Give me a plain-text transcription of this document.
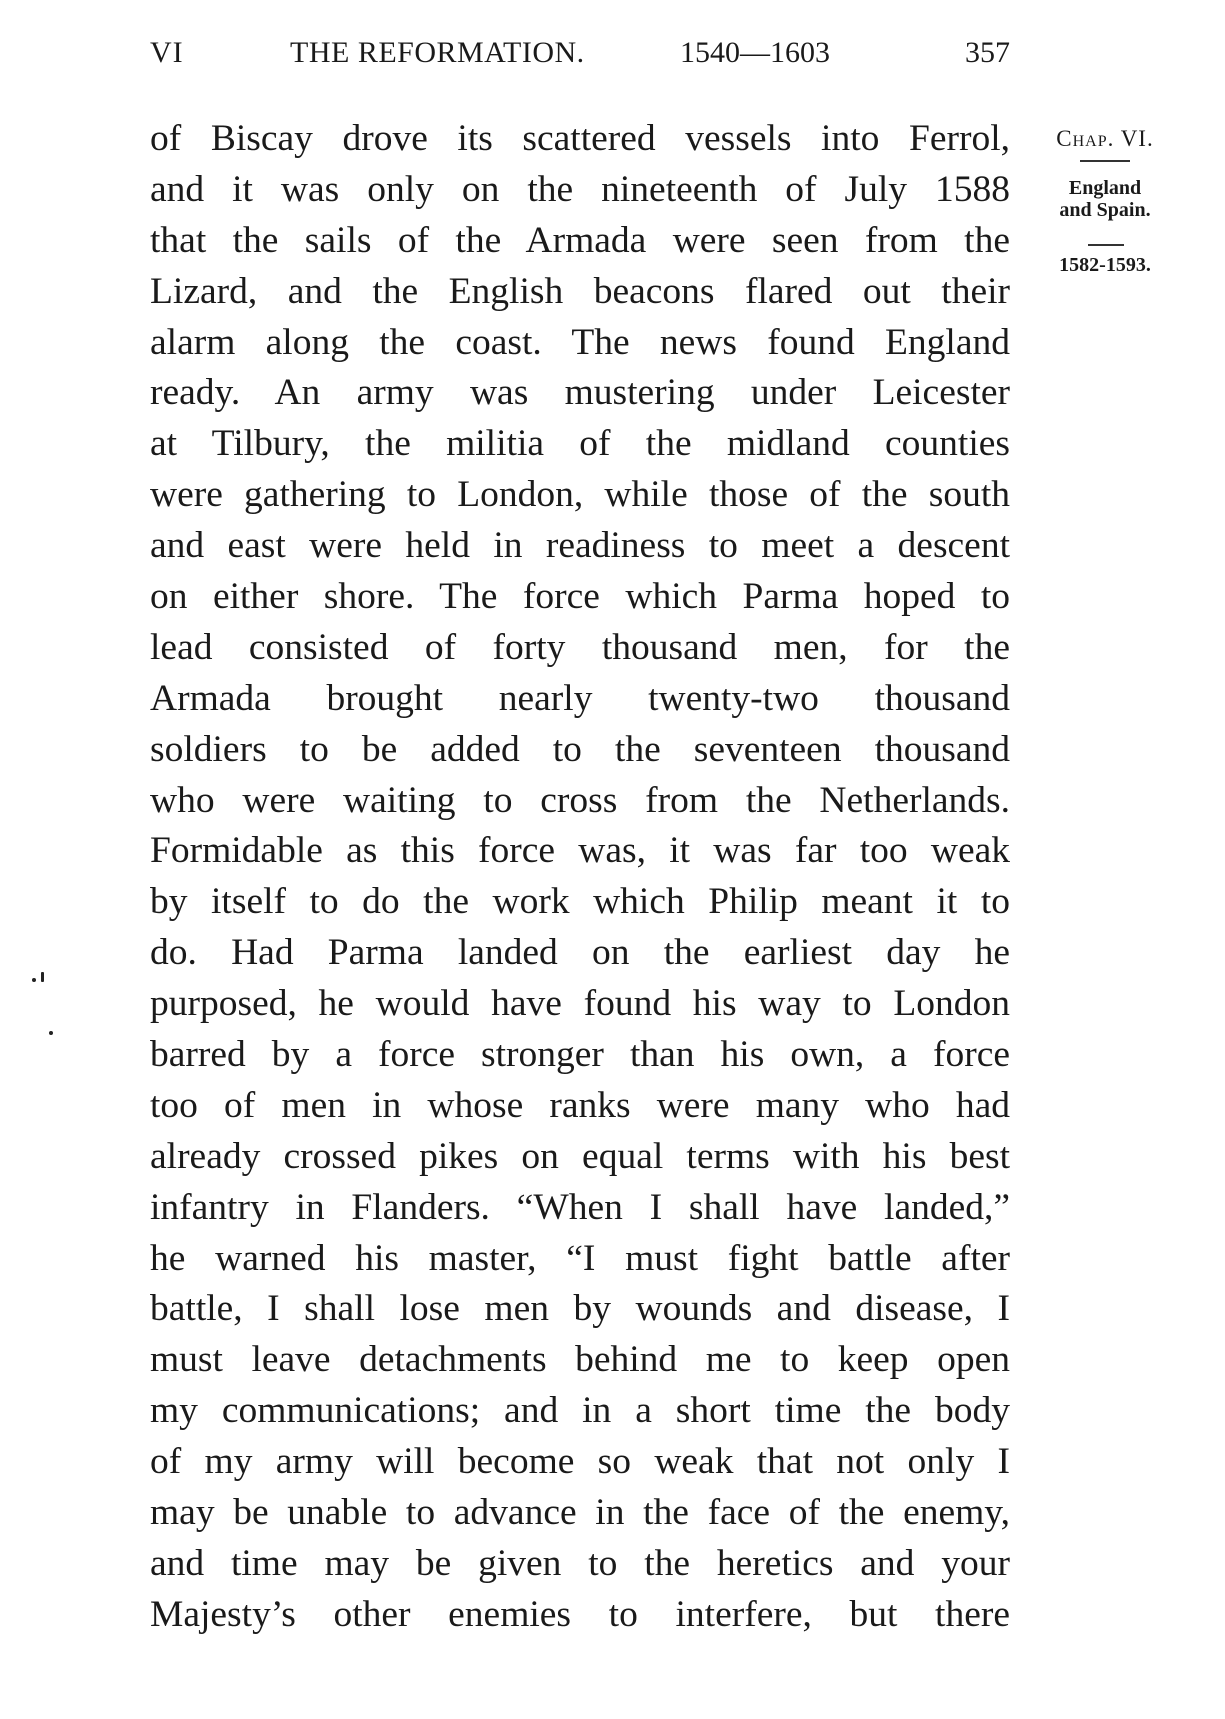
VI	THE REFORMATION.	1540—1603	357
of Biscay drove its scattered vessels into Ferrol,
and it was only on the nineteenth of July 1588
that the sails of the Armada were seen from the
Lizard, and the English beacons flared out their
alarm along the coast. The news found England
ready. An army was mustering under Leicester
at Tilbury, the militia of the midland counties
were gathering to London, while those of the south
and east were held in readiness to meet a descent
on either shore. The force which Parma hoped to
lead consisted of forty thousand men, for the
Armada brought nearly twenty-two thousand
soldiers to be added to the seventeen thousand
who were waiting to cross from the Netherlands.
Formidable as this force was, it was far too weak
by itself to do the work which Philip meant it to
do. Had Parma landed on the earliest day he
purposed, he would have found his way to London
barred by a force stronger than his own, a force
too of men in whose ranks were many who had
already crossed pikes on equal terms with his best
infantry in Flanders. “When I shall have landed,”
he warned his master, “I must fight battle after
battle, I shall lose men by wounds and disease, I
must leave detachments behind me to keep open
my communications; and in a short time the body
of my army will become so weak that not only I
may be unable to advance in the face of the enemy,
and time may be given to the heretics and your
Majesty’s other enemies to interfere, but there
Chap. VI.
England
and Spain.
1582-1593.
